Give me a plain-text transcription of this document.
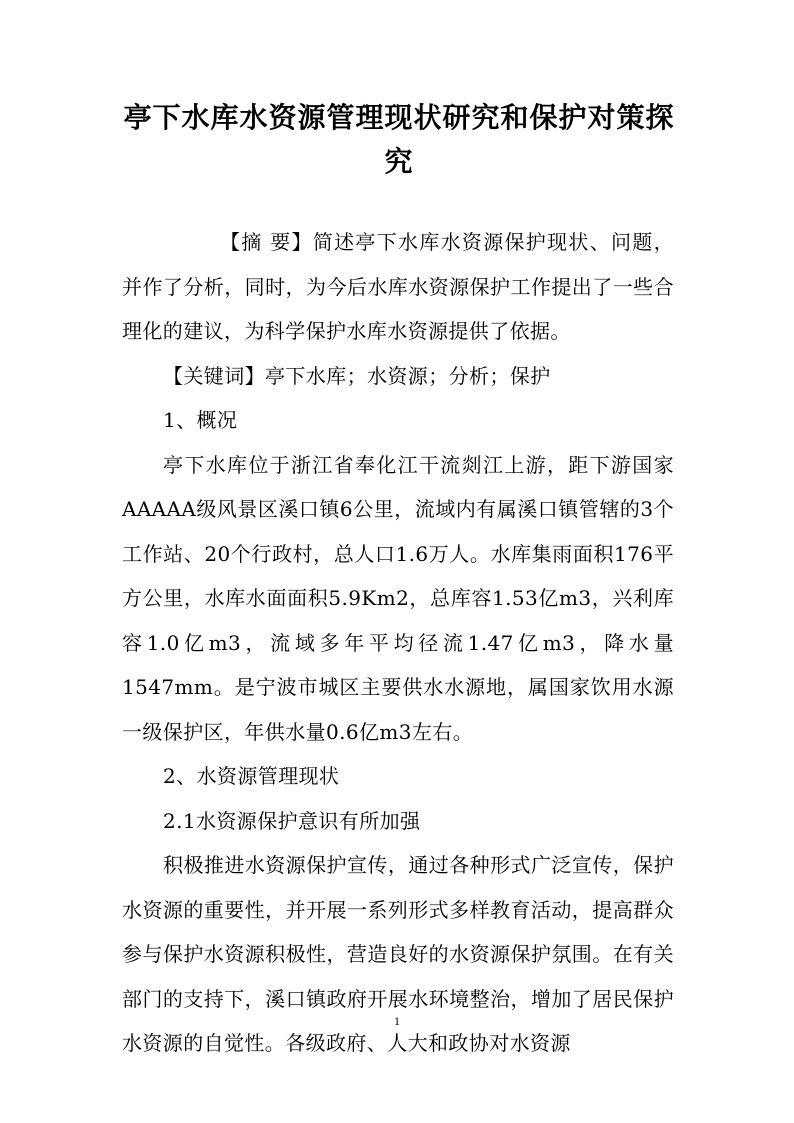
亭下水库水资源管理现状研究和保护对策探究

【摘 要】简述亭下水库水资源保护现状、问题，并作了分析，同时，为今后水库水资源保护工作提出了一些合理化的建议，为科学保护水库水资源提供了依据。

【关键词】亭下水库；水资源；分析；保护

1、概况

亭下水库位于浙江省奉化江干流剡江上游，距下游国家AAAAA级风景区溪口镇6公里，流域内有属溪口镇管辖的3个工作站、20个行政村，总人口1.6万人。水库集雨面积176平方公里，水库水面面积5.9Km2，总库容1.53亿m3，兴利库容1.0亿m3，流域多年平均径流1.47亿m3，降水量1547mm。是宁波市城区主要供水水源地，属国家饮用水源一级保护区，年供水量0.6亿m3左右。

2、水资源管理现状

2.1水资源保护意识有所加强

积极推进水资源保护宣传，通过各种形式广泛宣传，保护水资源的重要性，并开展一系列形式多样教育活动，提高群众参与保护水资源积极性，营造良好的水资源保护氛围。在有关部门的支持下，溪口镇政府开展水环境整治，增加了居民保护水资源的自觉性。各级政府、人大和政协对水资源

1
